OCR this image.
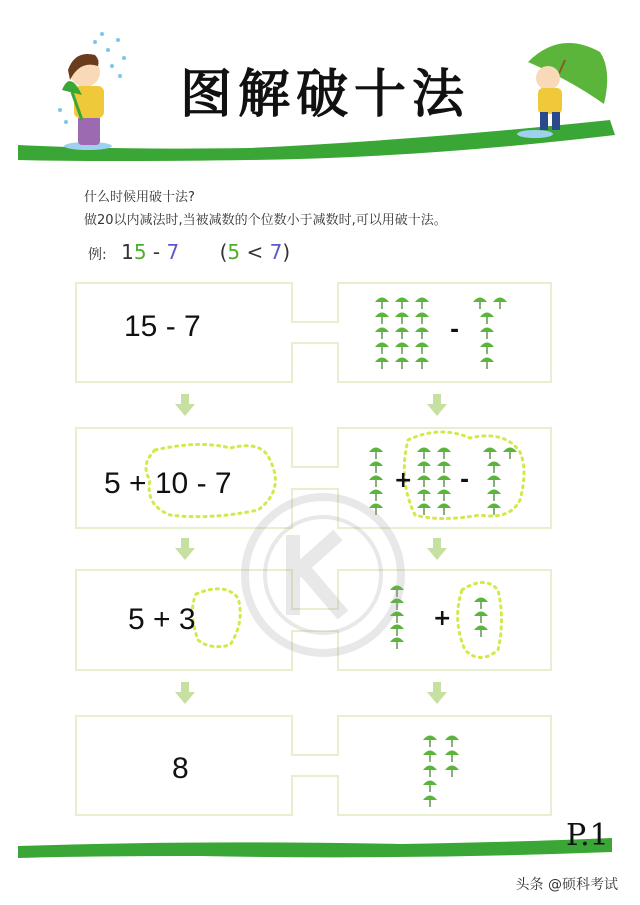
图解破十法
什么时候用破十法?
做20以内减法时,当被减数的个位数小于减数时,可以用破十法。
例: 15 - 7 (5 < 7)
15 - 7
5 + 10 - 7
5 + 3
8
-
+ -
+
P.1
头条 @硕科考试
